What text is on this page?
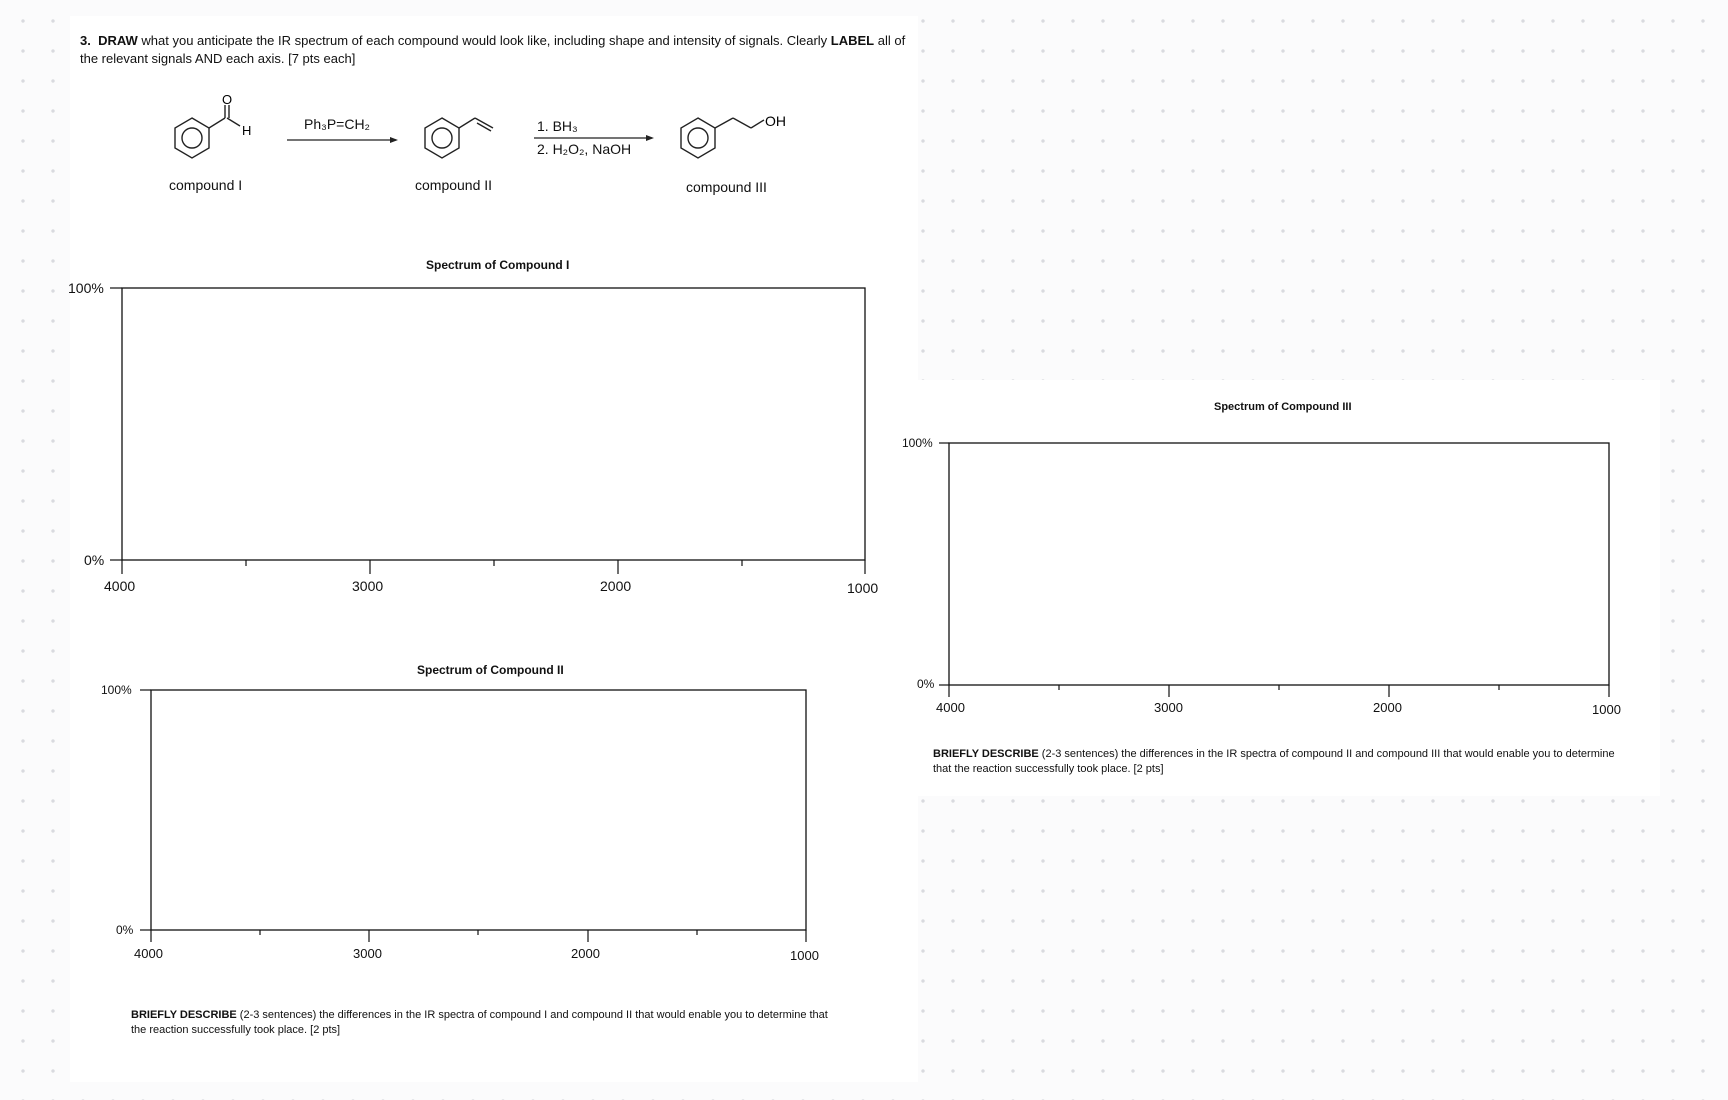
3. DRAW what you anticipate the IR spectrum of each compound would look like, including shape and intensity of signals. Clearly LABEL all of the relevant signals AND each axis. [7 pts each]
O
H
OH
Ph₃P=CH₂	1. BH₃
2. H₂O₂, NaOH
compound I	compound II	compound III
Spectrum of Compound I
100%
0%
4000	3000	2000	1000
Spectrum of Compound II
100%
0%
4000	3000	2000	1000
BRIEFLY DESCRIBE (2-3 sentences) the differences in the IR spectra of compound I and compound II that would enable you to determine that the reaction successfully took place. [2 pts]
Spectrum of Compound III
100%
0%
4000	3000	2000	1000
BRIEFLY DESCRIBE (2-3 sentences) the differences in the IR spectra of compound II and compound III that would enable you to determine that the reaction successfully took place. [2 pts]
